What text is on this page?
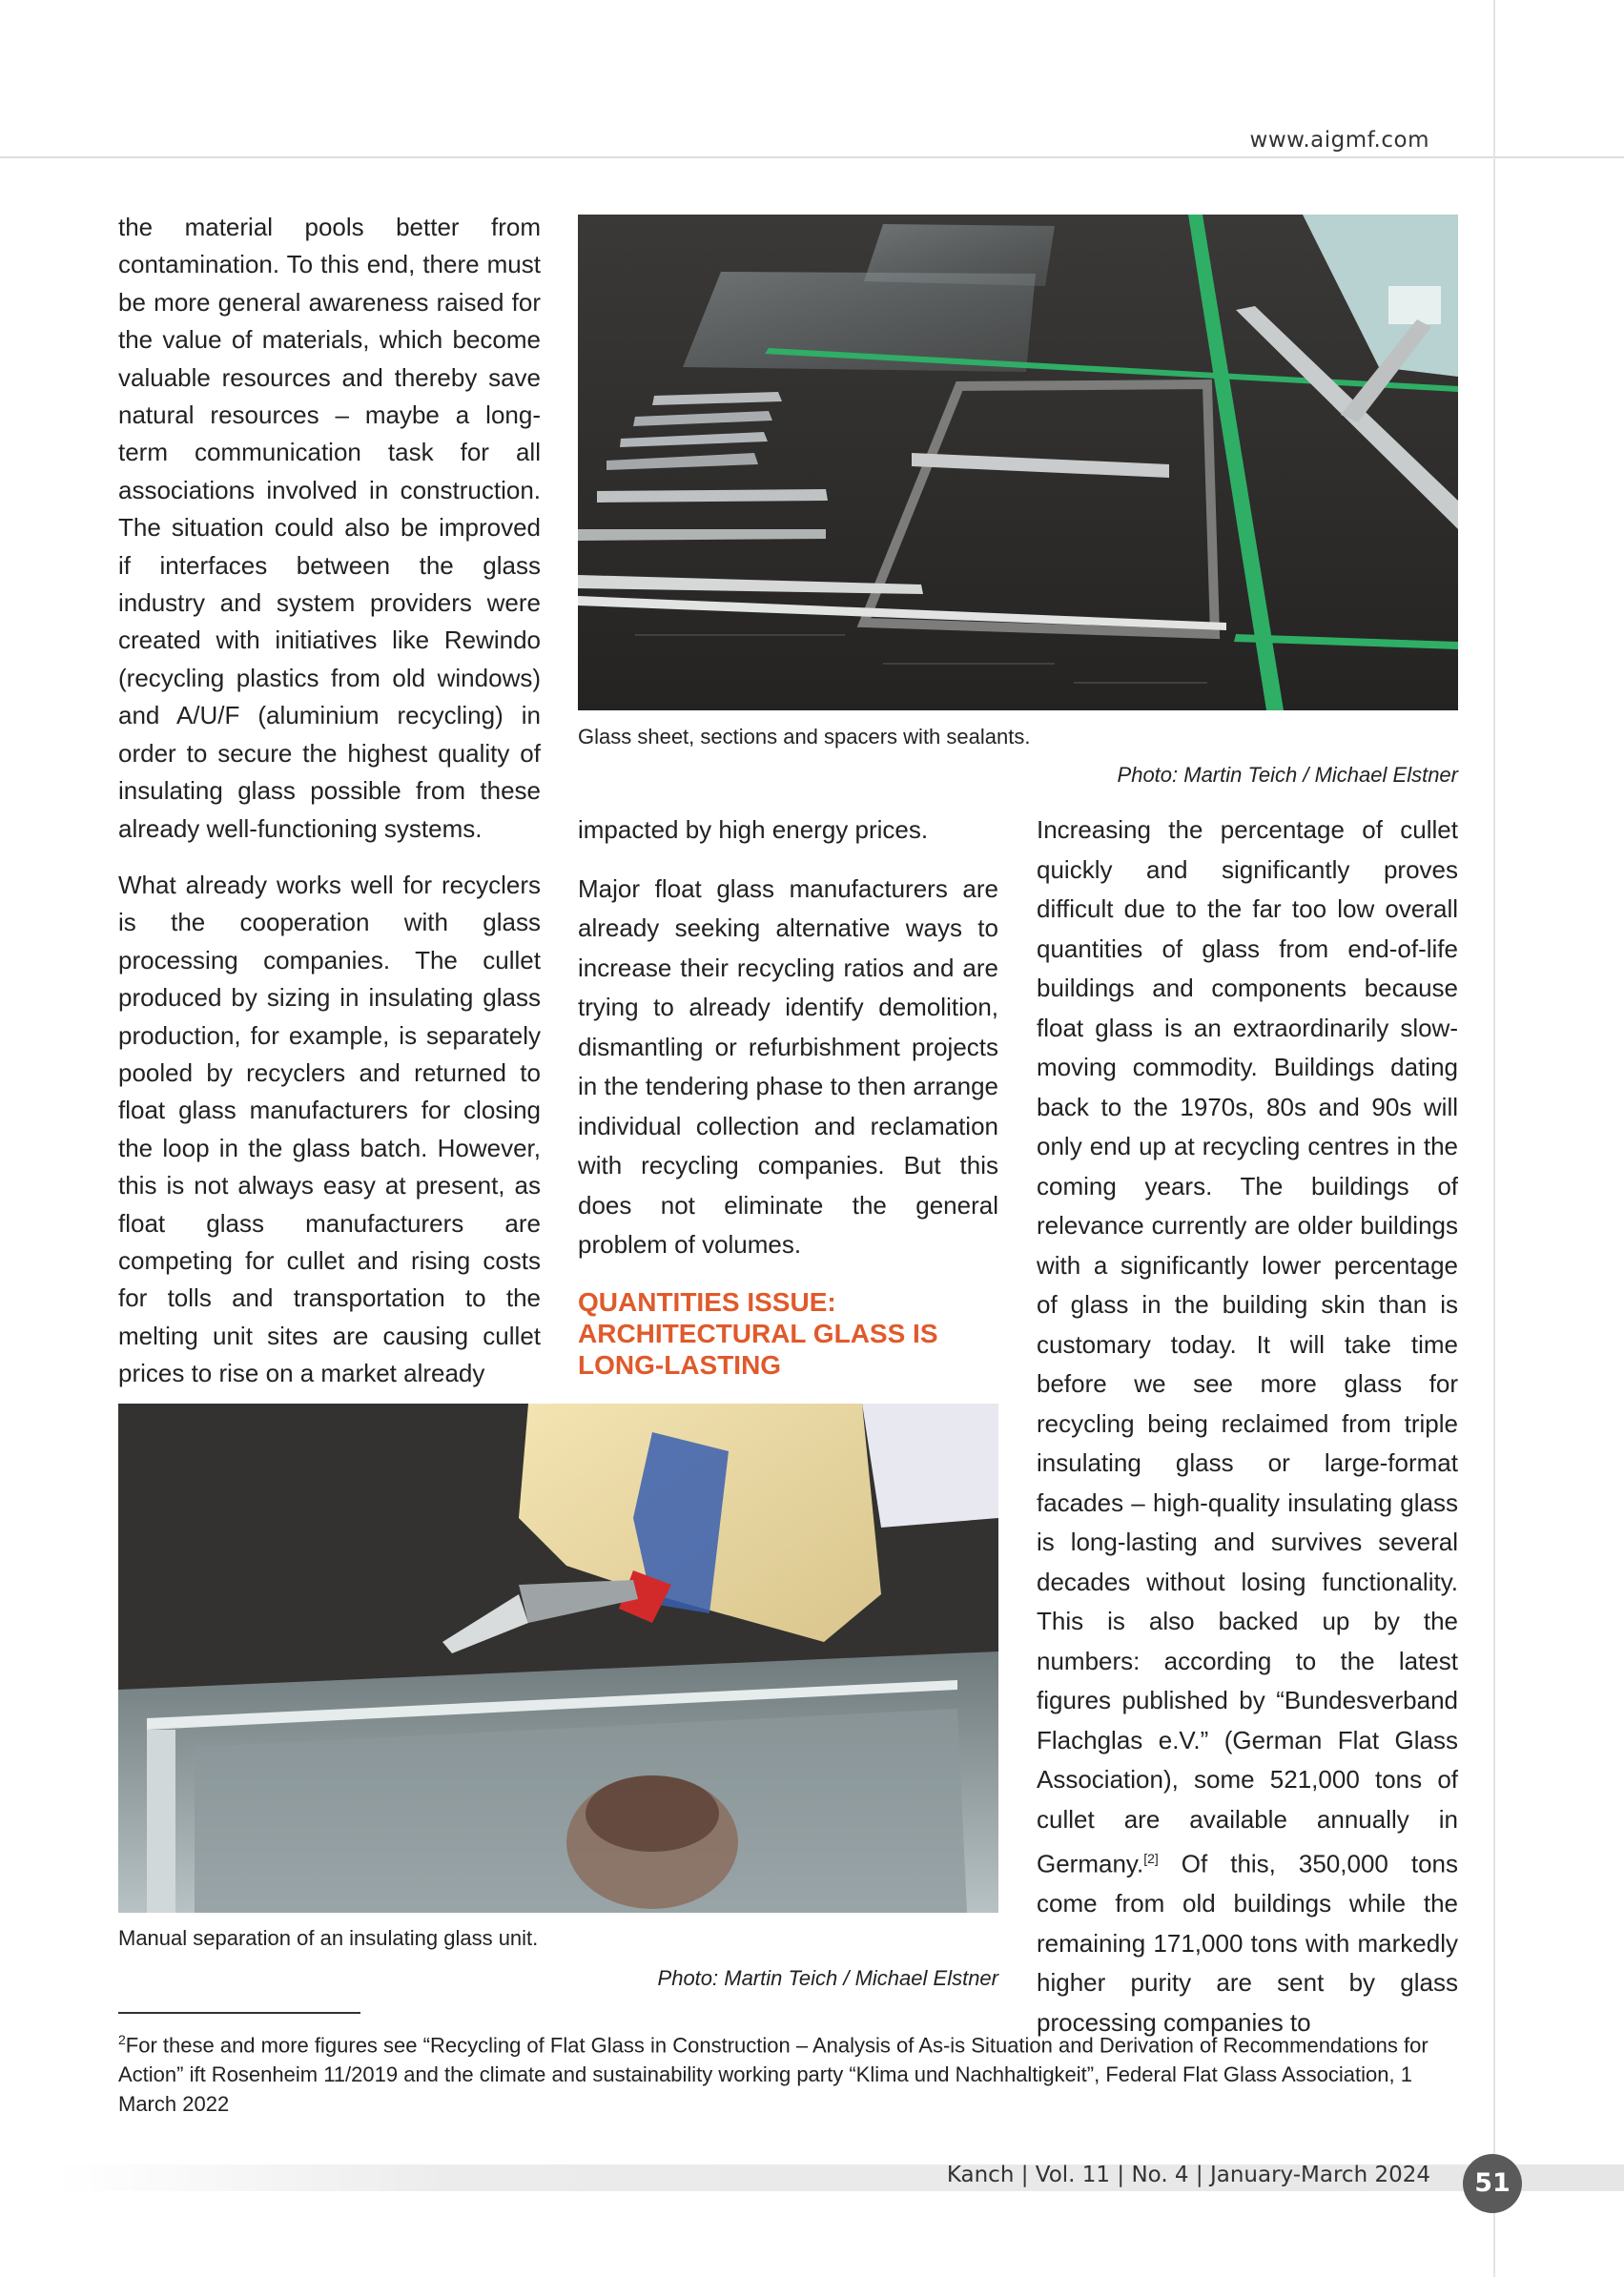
www.aigmf.com

the material pools better from contamination. To this end, there must be more general awareness raised for the value of materials, which become valuable resources and thereby save natural resources – maybe a long-term communication task for all associations involved in construction. The situation could also be improved if interfaces between the glass industry and system providers were created with initiatives like Rewindo (recycling plastics from old windows) and A/U/F (aluminium recycling) in order to secure the highest quality of insulating glass possible from these already well-functioning systems.

What already works well for recyclers is the cooperation with glass processing companies. The cullet produced by sizing in insulating glass production, for example, is separately pooled by recyclers and returned to float glass manufacturers for closing the loop in the glass batch. However, this is not always easy at present, as float glass manufacturers are competing for cullet and rising costs for tolls and transportation to the melting unit sites are causing cullet prices to rise on a market already

Glass sheet, sections and spacers with sealants.
Photo: Martin Teich / Michael Elstner

impacted by high energy prices.

Major float glass manufacturers are already seeking alternative ways to increase their recycling ratios and are trying to already identify demolition, dismantling or refurbishment projects in the tendering phase to then arrange individual collection and reclamation with recycling companies. But this does not eliminate the general problem of volumes.

QUANTITIES ISSUE: ARCHITECTURAL GLASS IS LONG-LASTING

Increasing the percentage of cullet quickly and significantly proves difficult due to the far too low overall quantities of glass from end-of-life buildings and components because float glass is an extraordinarily slow-moving commodity. Buildings dating back to the 1970s, 80s and 90s will only end up at recycling centres in the coming years. The buildings of relevance currently are older buildings with a significantly lower percentage of glass in the building skin than is customary today. It will take time before we see more glass for recycling being reclaimed from triple insulating glass or large-format facades – high-quality insulating glass is long-lasting and survives several decades without losing functionality. This is also backed up by the numbers: according to the latest figures published by “Bundesverband Flachglas e.V.” (German Flat Glass Association), some 521,000 tons of cullet are available annually in Germany.[2] Of this, 350,000 tons come from old buildings while the remaining 171,000 tons with markedly higher purity are sent by glass processing companies to

Manual separation of an insulating glass unit.
Photo: Martin Teich / Michael Elstner
$^2$For these and more figures see “Recycling of Flat Glass in Construction – Analysis of As-is Situation and Derivation of Recommendations for Action” ift Rosenheim 11/2019 and the climate and sustainability working party “Klima und Nachhaltigkeit”, Federal Flat Glass Association, 1 March 2022
Kanch | Vol. 11 | No. 4 | January-March 2024	51
